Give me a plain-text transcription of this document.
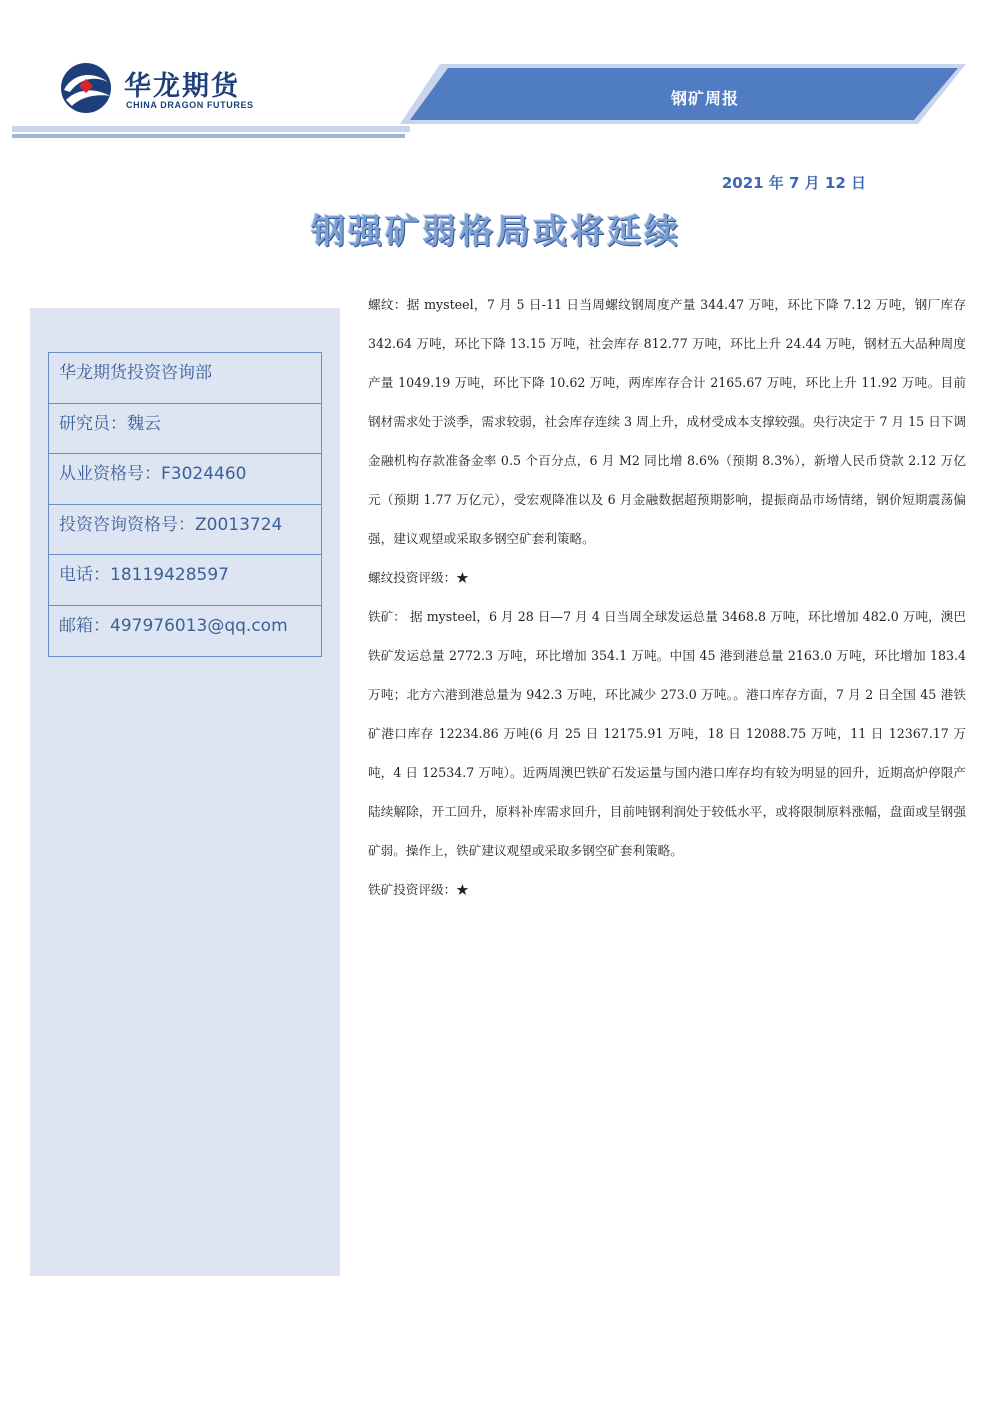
华龙期货
CHINA DRAGON FUTURES	钢矿周报
2021 年 7 月 12 日
钢强矿弱格局或将延续
华龙期货投资咨询部
研究员：魏云
从业资格号：F3024460
投资咨询资格号：Z0013724
电话：18119428597
邮箱：497976013@qq.com

螺纹：据 mysteel，7 月 5 日-11 日当周螺纹钢周度产量 344.47 万吨，环比下降 7.12 万吨，钢厂库存 342.64 万吨，环比下降 13.15 万吨，社会库存 812.77 万吨，环比上升 24.44 万吨，钢材五大品种周度产量 1049.19 万吨，环比下降 10.62 万吨，两库库存合计 2165.67 万吨，环比上升 11.92 万吨。目前钢材需求处于淡季，需求较弱，社会库存连续 3 周上升，成材受成本支撑较强。央行决定于 7 月 15 日下调金融机构存款准备金率 0.5 个百分点，6 月 M2 同比增 8.6%（预期 8.3%），新增人民币贷款 2.12 万亿元（预期 1.77 万亿元），受宏观降准以及 6 月金融数据超预期影响，提振商品市场情绪，钢价短期震荡偏强，建议观望或采取多钢空矿套利策略。

螺纹投资评级：★

铁矿： 据 mysteel，6 月 28 日—7 月 4 日当周全球发运总量 3468.8 万吨，环比增加 482.0 万吨，澳巴铁矿发运总量 2772.3 万吨，环比增加 354.1 万吨。中国 45 港到港总量 2163.0 万吨，环比增加 183.4 万吨；北方六港到港总量为 942.3 万吨，环比减少 273.0 万吨。。港口库存方面，7 月 2 日全国 45 港铁矿港口库存 12234.86 万吨(6 月 25 日 12175.91 万吨，18 日 12088.75 万吨，11 日 12367.17 万吨，4 日 12534.7 万吨）。近两周澳巴铁矿石发运量与国内港口库存均有较为明显的回升，近期高炉停限产陆续解除，开工回升，原料补库需求回升，目前吨钢利润处于较低水平，或将限制原料涨幅，盘面或呈钢强矿弱。操作上，铁矿建议观望或采取多钢空矿套利策略。

铁矿投资评级：★
